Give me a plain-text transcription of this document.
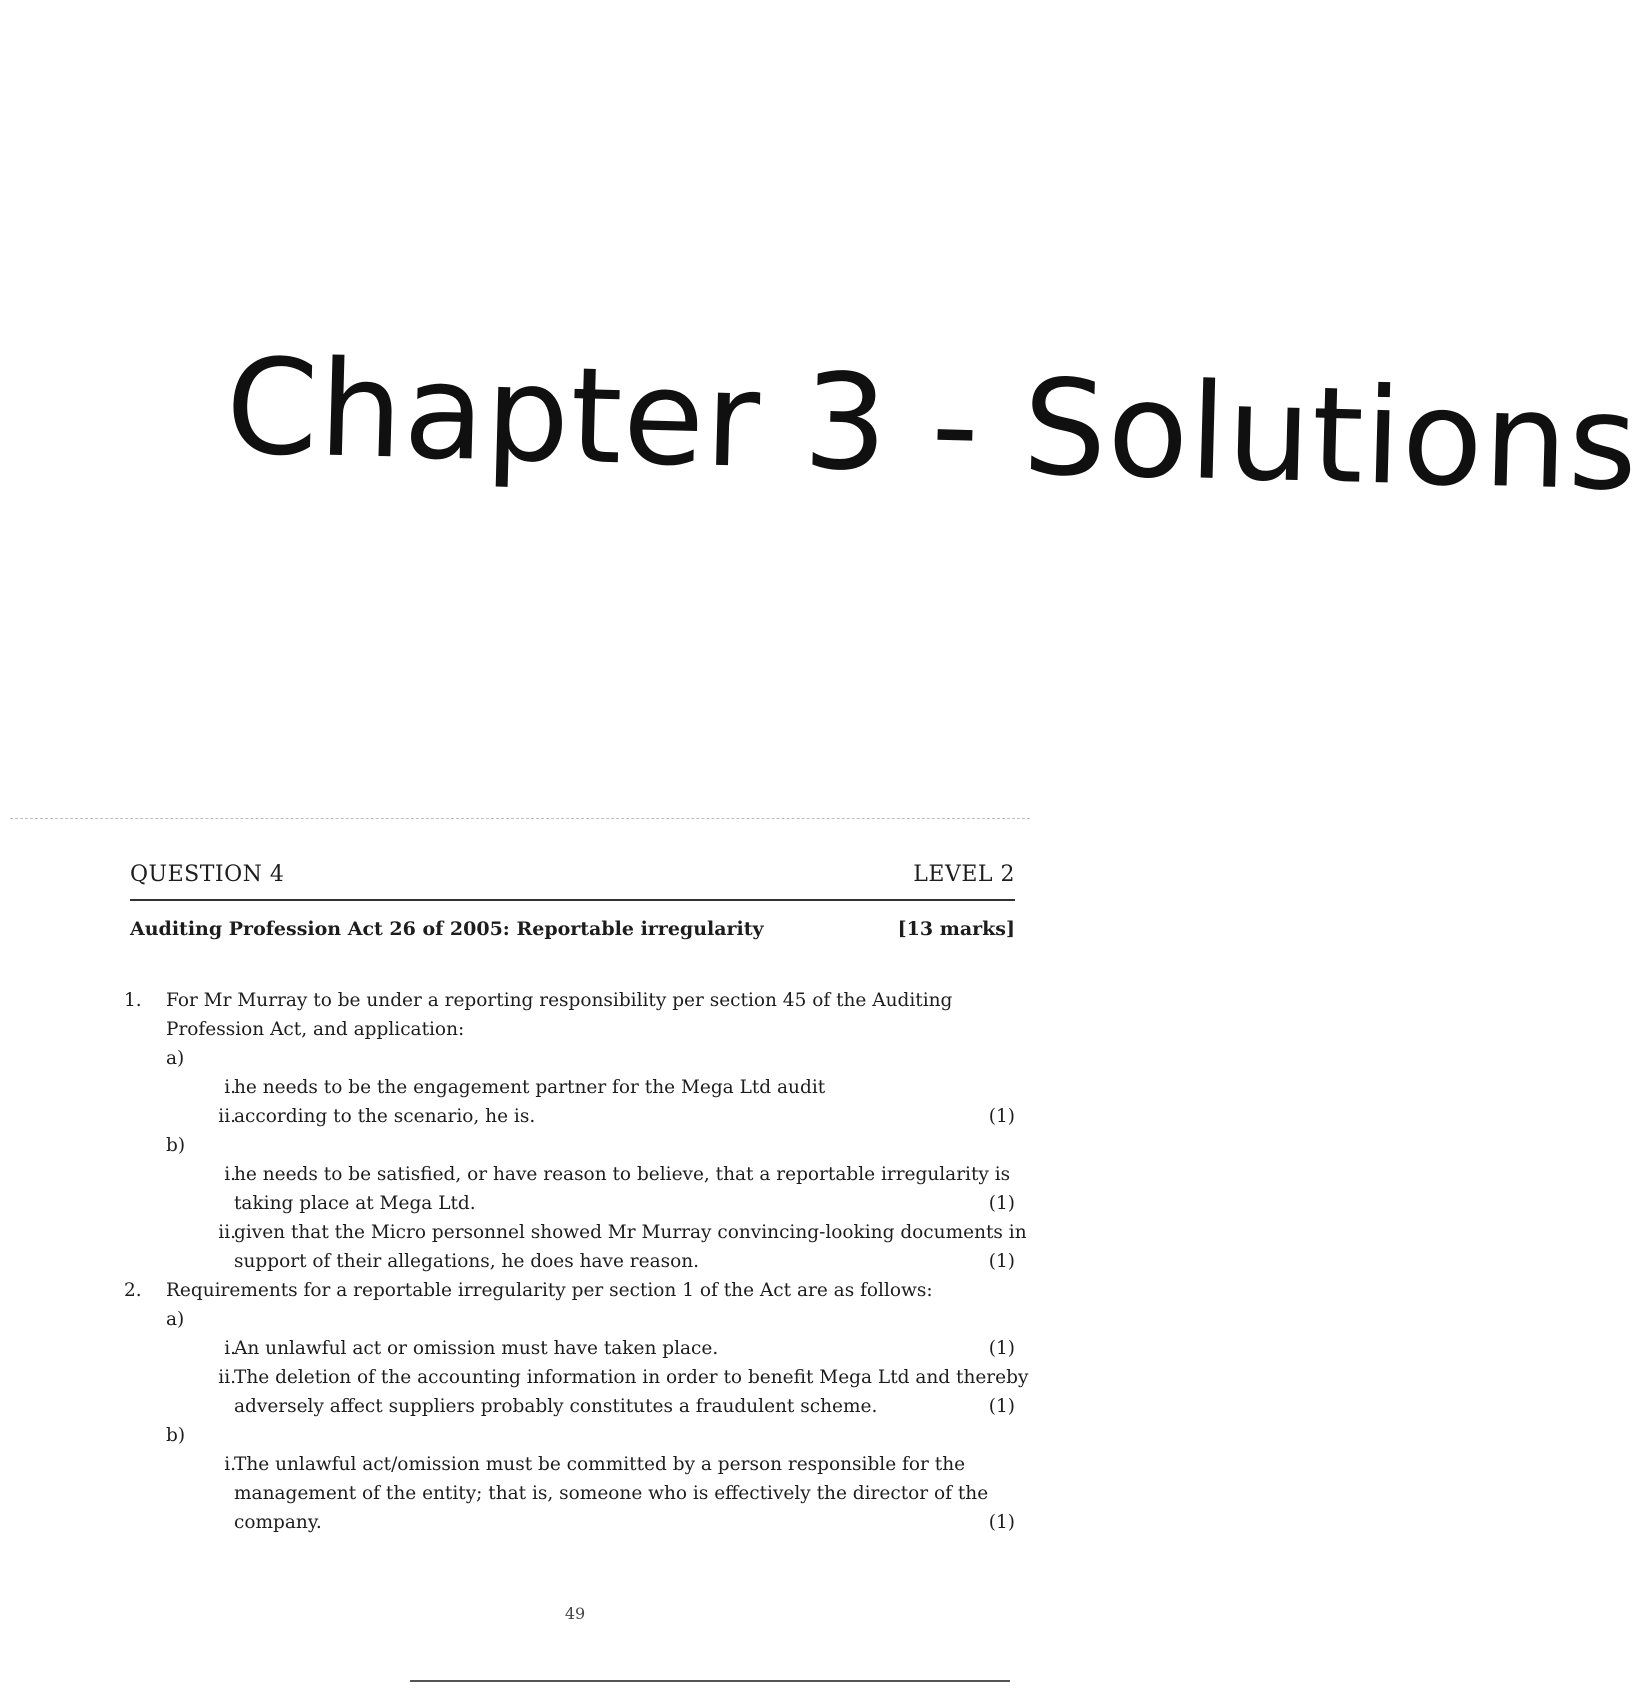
Chapter 3 - Solutions
QUESTION 4	LEVEL 2
Auditing Profession Act 26 of 2005: Reportable irregularity	[13 marks]
1. For Mr Murray to be under a reporting responsibility per section 45 of the Auditing
Profession Act, and application:
a)
i.
he needs to be the engagement partner for the Mega Ltd audit
ii.
according to the scenario, he is.	(1)
b)
i.
he needs to be satisfied, or have reason to believe, that a reportable irregularity is
taking place at Mega Ltd.	(1)
ii.
given that the Micro personnel showed Mr Murray convincing-looking documents in
support of their allegations, he does have reason.	(1)
2. Requirements for a reportable irregularity per section 1 of the Act are as follows:
a)
i.
An unlawful act or omission must have taken place.	(1)
ii.
The deletion of the accounting information in order to benefit Mega Ltd and thereby
adversely affect suppliers probably constitutes a fraudulent scheme.	(1)
b)
i.
The unlawful act/omission must be committed by a person responsible for the
management of the entity; that is, someone who is effectively the director of the
company.	(1)
49
